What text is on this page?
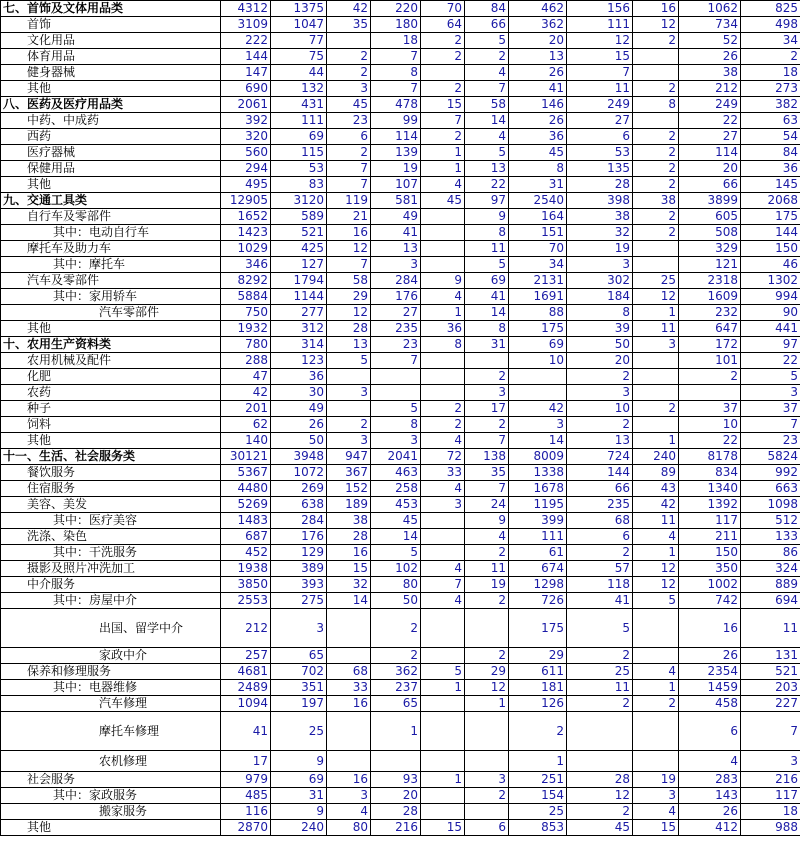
七、首饰及文体用品类	4312	1375	42	220	70	84	462	156	16	1062	825
首饰	3109	1047	35	180	64	66	362	111	12	734	498
文化用品	222	77		18	2	5	20	12	2	52	34
体育用品	144	75	2	7	2	2	13	15		26	2
健身器械	147	44	2	8		4	26	7		38	18
其他	690	132	3	7	2	7	41	11	2	212	273
八、医药及医疗用品类	2061	431	45	478	15	58	146	249	8	249	382
中药、中成药	392	111	23	99	7	14	26	27		22	63
西药	320	69	6	114	2	4	36	6	2	27	54
医疗器械	560	115	2	139	1	5	45	53	2	114	84
保健用品	294	53	7	19	1	13	8	135	2	20	36
其他	495	83	7	107	4	22	31	28	2	66	145
九、交通工具类	12905	3120	119	581	45	97	2540	398	38	3899	2068
自行车及零部件	1652	589	21	49		9	164	38	2	605	175
其中：电动自行车	1423	521	16	41		8	151	32	2	508	144
摩托车及助力车	1029	425	12	13		11	70	19		329	150
其中：摩托车	346	127	7	3		5	34	3		121	46
汽车及零部件	8292	1794	58	284	9	69	2131	302	25	2318	1302
其中：家用轿车	5884	1144	29	176	4	41	1691	184	12	1609	994
汽车零部件	750	277	12	27	1	14	88	8	1	232	90
其他	1932	312	28	235	36	8	175	39	11	647	441
十、农用生产资料类	780	314	13	23	8	31	69	50	3	172	97
农用机械及配件	288	123	5	7			10	20		101	22
化肥	47	36				2		2		2	5
农药	42	30	3			3		3			3
种子	201	49		5	2	17	42	10	2	37	37
饲料	62	26	2	8	2	2	3	2		10	7
其他	140	50	3	3	4	7	14	13	1	22	23
十一、生活、社会服务类	30121	3948	947	2041	72	138	8009	724	240	8178	5824
餐饮服务	5367	1072	367	463	33	35	1338	144	89	834	992
住宿服务	4480	269	152	258	4	7	1678	66	43	1340	663
美容、美发	5269	638	189	453	3	24	1195	235	42	1392	1098
其中：医疗美容	1483	284	38	45		9	399	68	11	117	512
洗涤、染色	687	176	28	14		4	111	6	4	211	133
其中：干洗服务	452	129	16	5		2	61	2	1	150	86
摄影及照片冲洗加工	1938	389	15	102	4	11	674	57	12	350	324
中介服务	3850	393	32	80	7	19	1298	118	12	1002	889
其中：房屋中介	2553	275	14	50	4	2	726	41	5	742	694
出国、留学中介	212	3		2			175	5		16	11
家政中介	257	65		2		2	29	2		26	131
保养和修理服务	4681	702	68	362	5	29	611	25	4	2354	521
其中：电器维修	2489	351	33	237	1	12	181	11	1	1459	203
汽车修理	1094	197	16	65		1	126	2	2	458	227
摩托车修理	41	25		1			2			6	7
农机修理	17	9					1			4	3
社会服务	979	69	16	93	1	3	251	28	19	283	216
其中：家政服务	485	31	3	20		2	154	12	3	143	117
搬家服务	116	9	4	28			25	2	4	26	18
其他	2870	240	80	216	15	6	853	45	15	412	988
